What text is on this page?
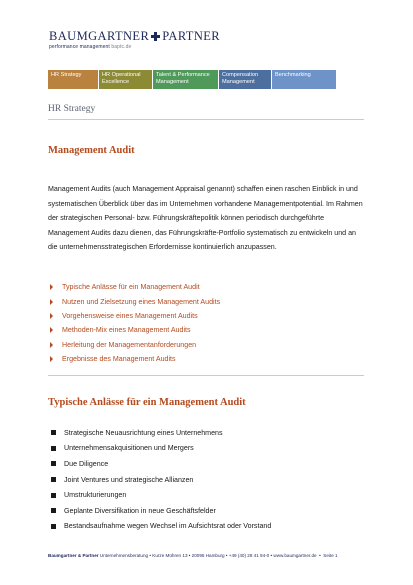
BAUMGARTNER PARTNER
performance management baptc.de
HR Strategy	HR Operational Excellence
Talent & Performance Management
Compensation Management
Benchmarking
HR Strategy
Management Audit

Management Audits (auch Management Appraisal genannt) schaffen einen raschen Einblick in und systematischen Überblick über das im Unternehmen vorhandene Managementpotential. Im Rahmen der strategischen Personal- bzw. Führungskräftepolitik können periodisch durchgeführte Management Audits dazu dienen, das Führungskräfte-Portfolio systematisch zu entwickeln und an die unternehmensstrategischen Erfordernisse kontinuierlich anzupassen.

Typische Anlässe für ein Management Audit
Nutzen und Zielsetzung eines Management Audits
Vorgehensweise eines Management Audits
Methoden-Mix eines Management Audits
Herleitung der Managementanforderungen
Ergebnisse des Management Audits
Typische Anlässe für ein Management Audit
Strategische Neuausrichtung eines Unternehmens
Unternehmensakquisitionen und Mergers
Due Diligence
Joint Ventures und strategische Allianzen
Umstrukturierungen
Geplante Diversifikation in neue Geschäftsfelder
Bestandsaufnahme wegen Wechsel im Aufsichtsrat oder Vorstand
Baumgartner & Partner Unternehmensberatung • Kurze Mühren 13 • 20095 Hamburg • +49 (40) 28 41 94-0 • www.baumgartner.de  •  Seite 1
